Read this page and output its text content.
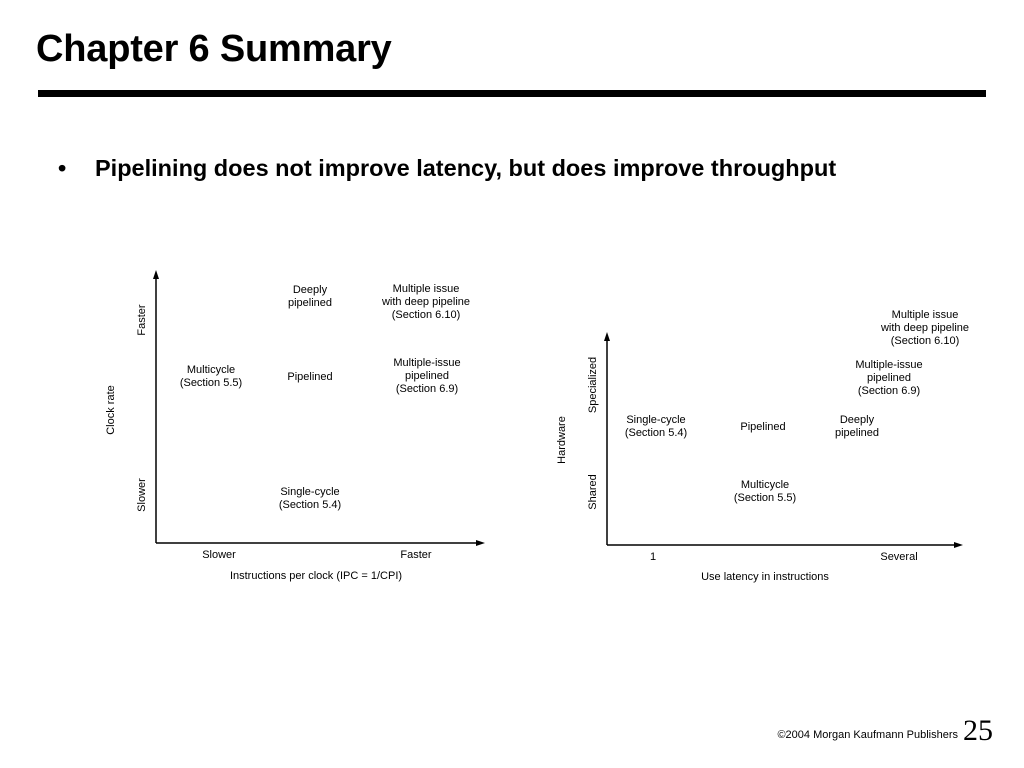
Chapter 6 Summary
• Pipelining does not improve latency, but does improve throughput
Faster
Clock rate
Slower
Slower	Faster
Instructions per clock (IPC = 1/CPI)
Deeply
pipelined
Multiple issue
with deep pipeline
(Section 6.10)
Multicycle
(Section 5.5)	Pipelined
Multiple-issue
pipelined
(Section 6.9)
Single-cycle
(Section 5.4)
Specialized
Hardware
Shared
1	Several
Use latency in instructions
Multiple issue
with deep pipeline
(Section 6.10)
Multiple-issue
pipelined
(Section 6.9)
Single-cycle
(Section 5.4)	Pipelined
Deeply
pipelined
Multicycle
(Section 5.5)
©2004 Morgan Kaufmann Publishers 25
